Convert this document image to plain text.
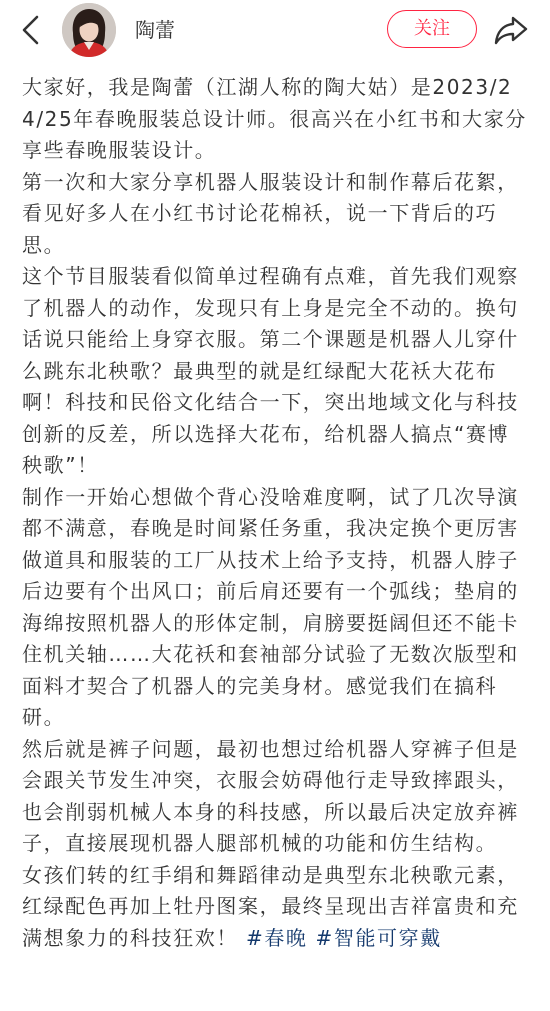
陶蕾	关注

大家好，我是陶蕾（江湖人称的陶大姑）是2023/24/25年春晚服装总设计师。很高兴在小红书和大家分享些春晚服装设计。

第一次和大家分享机器人服装设计和制作幕后花絮，看见好多人在小红书讨论花棉袄，说一下背后的巧思。

这个节目服装看似简单过程确有点难，首先我们观察了机器人的动作，发现只有上身是完全不动的。换句话说只能给上身穿衣服。第二个课题是机器人儿穿什么跳东北秧歌？最典型的就是红绿配大花袄大花布啊！科技和民俗文化结合一下，突出地域文化与科技创新的反差，所以选择大花布，给机器人搞点“赛博秧歌”！

制作一开始心想做个背心没啥难度啊，试了几次导演都不满意，春晚是时间紧任务重，我决定换个更厉害做道具和服装的工厂从技术上给予支持，机器人脖子后边要有个出风口；前后肩还要有一个弧线；垫肩的海绵按照机器人的形体定制，肩膀要挺阔但还不能卡住机关轴……大花袄和套袖部分试验了无数次版型和面料才契合了机器人的完美身材。感觉我们在搞科研。

然后就是裤子问题，最初也想过给机器人穿裤子但是会跟关节发生冲突，衣服会妨碍他行走导致摔跟头，也会削弱机械人本身的科技感，所以最后决定放弃裤子，直接展现机器人腿部机械的功能和仿生结构。

女孩们转的红手绢和舞蹈律动是典型东北秧歌元素，红绿配色再加上牡丹图案，最终呈现出吉祥富贵和充满想象力的科技狂欢！ #春晚 #智能可穿戴
